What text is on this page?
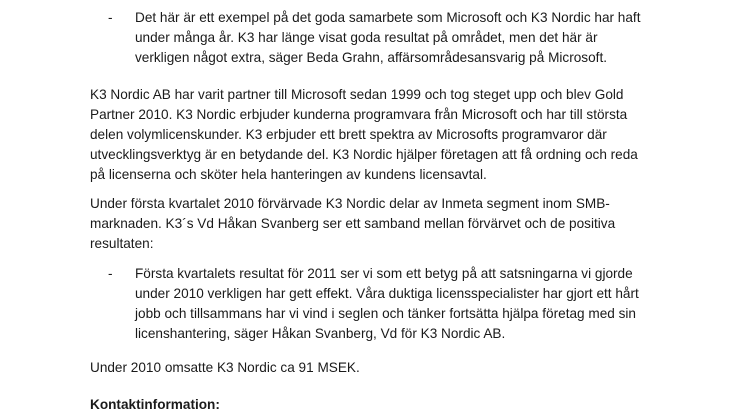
- Det här är ett exempel på det goda samarbete som Microsoft och K3 Nordic har haft
under många år. K3 har länge visat goda resultat på området, men det här är
verkligen något extra, säger Beda Grahn, affärsområdesansvarig på Microsoft.
K3 Nordic AB har varit partner till Microsoft sedan 1999 och tog steget upp och blev Gold
Partner 2010. K3 Nordic erbjuder kunderna programvara från Microsoft och har till största
delen volymlicenskunder. K3 erbjuder ett brett spektra av Microsofts programvaror där
utvecklingsverktyg är en betydande del. K3 Nordic hjälper företagen att få ordning och reda
på licenserna och sköter hela hanteringen av kundens licensavtal.
Under första kvartalet 2010 förvärvade K3 Nordic delar av Inmeta segment inom SMB-
marknaden. K3´s Vd Håkan Svanberg ser ett samband mellan förvärvet och de positiva
resultaten:
- Första kvartalets resultat för 2011 ser vi som ett betyg på att satsningarna vi gjorde
under 2010 verkligen har gett effekt. Våra duktiga licensspecialister har gjort ett hårt
jobb och tillsammans har vi vind i seglen och tänker fortsätta hjälpa företag med sin
licenshantering, säger Håkan Svanberg, Vd för K3 Nordic AB.
Under 2010 omsatte K3 Nordic ca 91 MSEK.
Kontaktinformation:
